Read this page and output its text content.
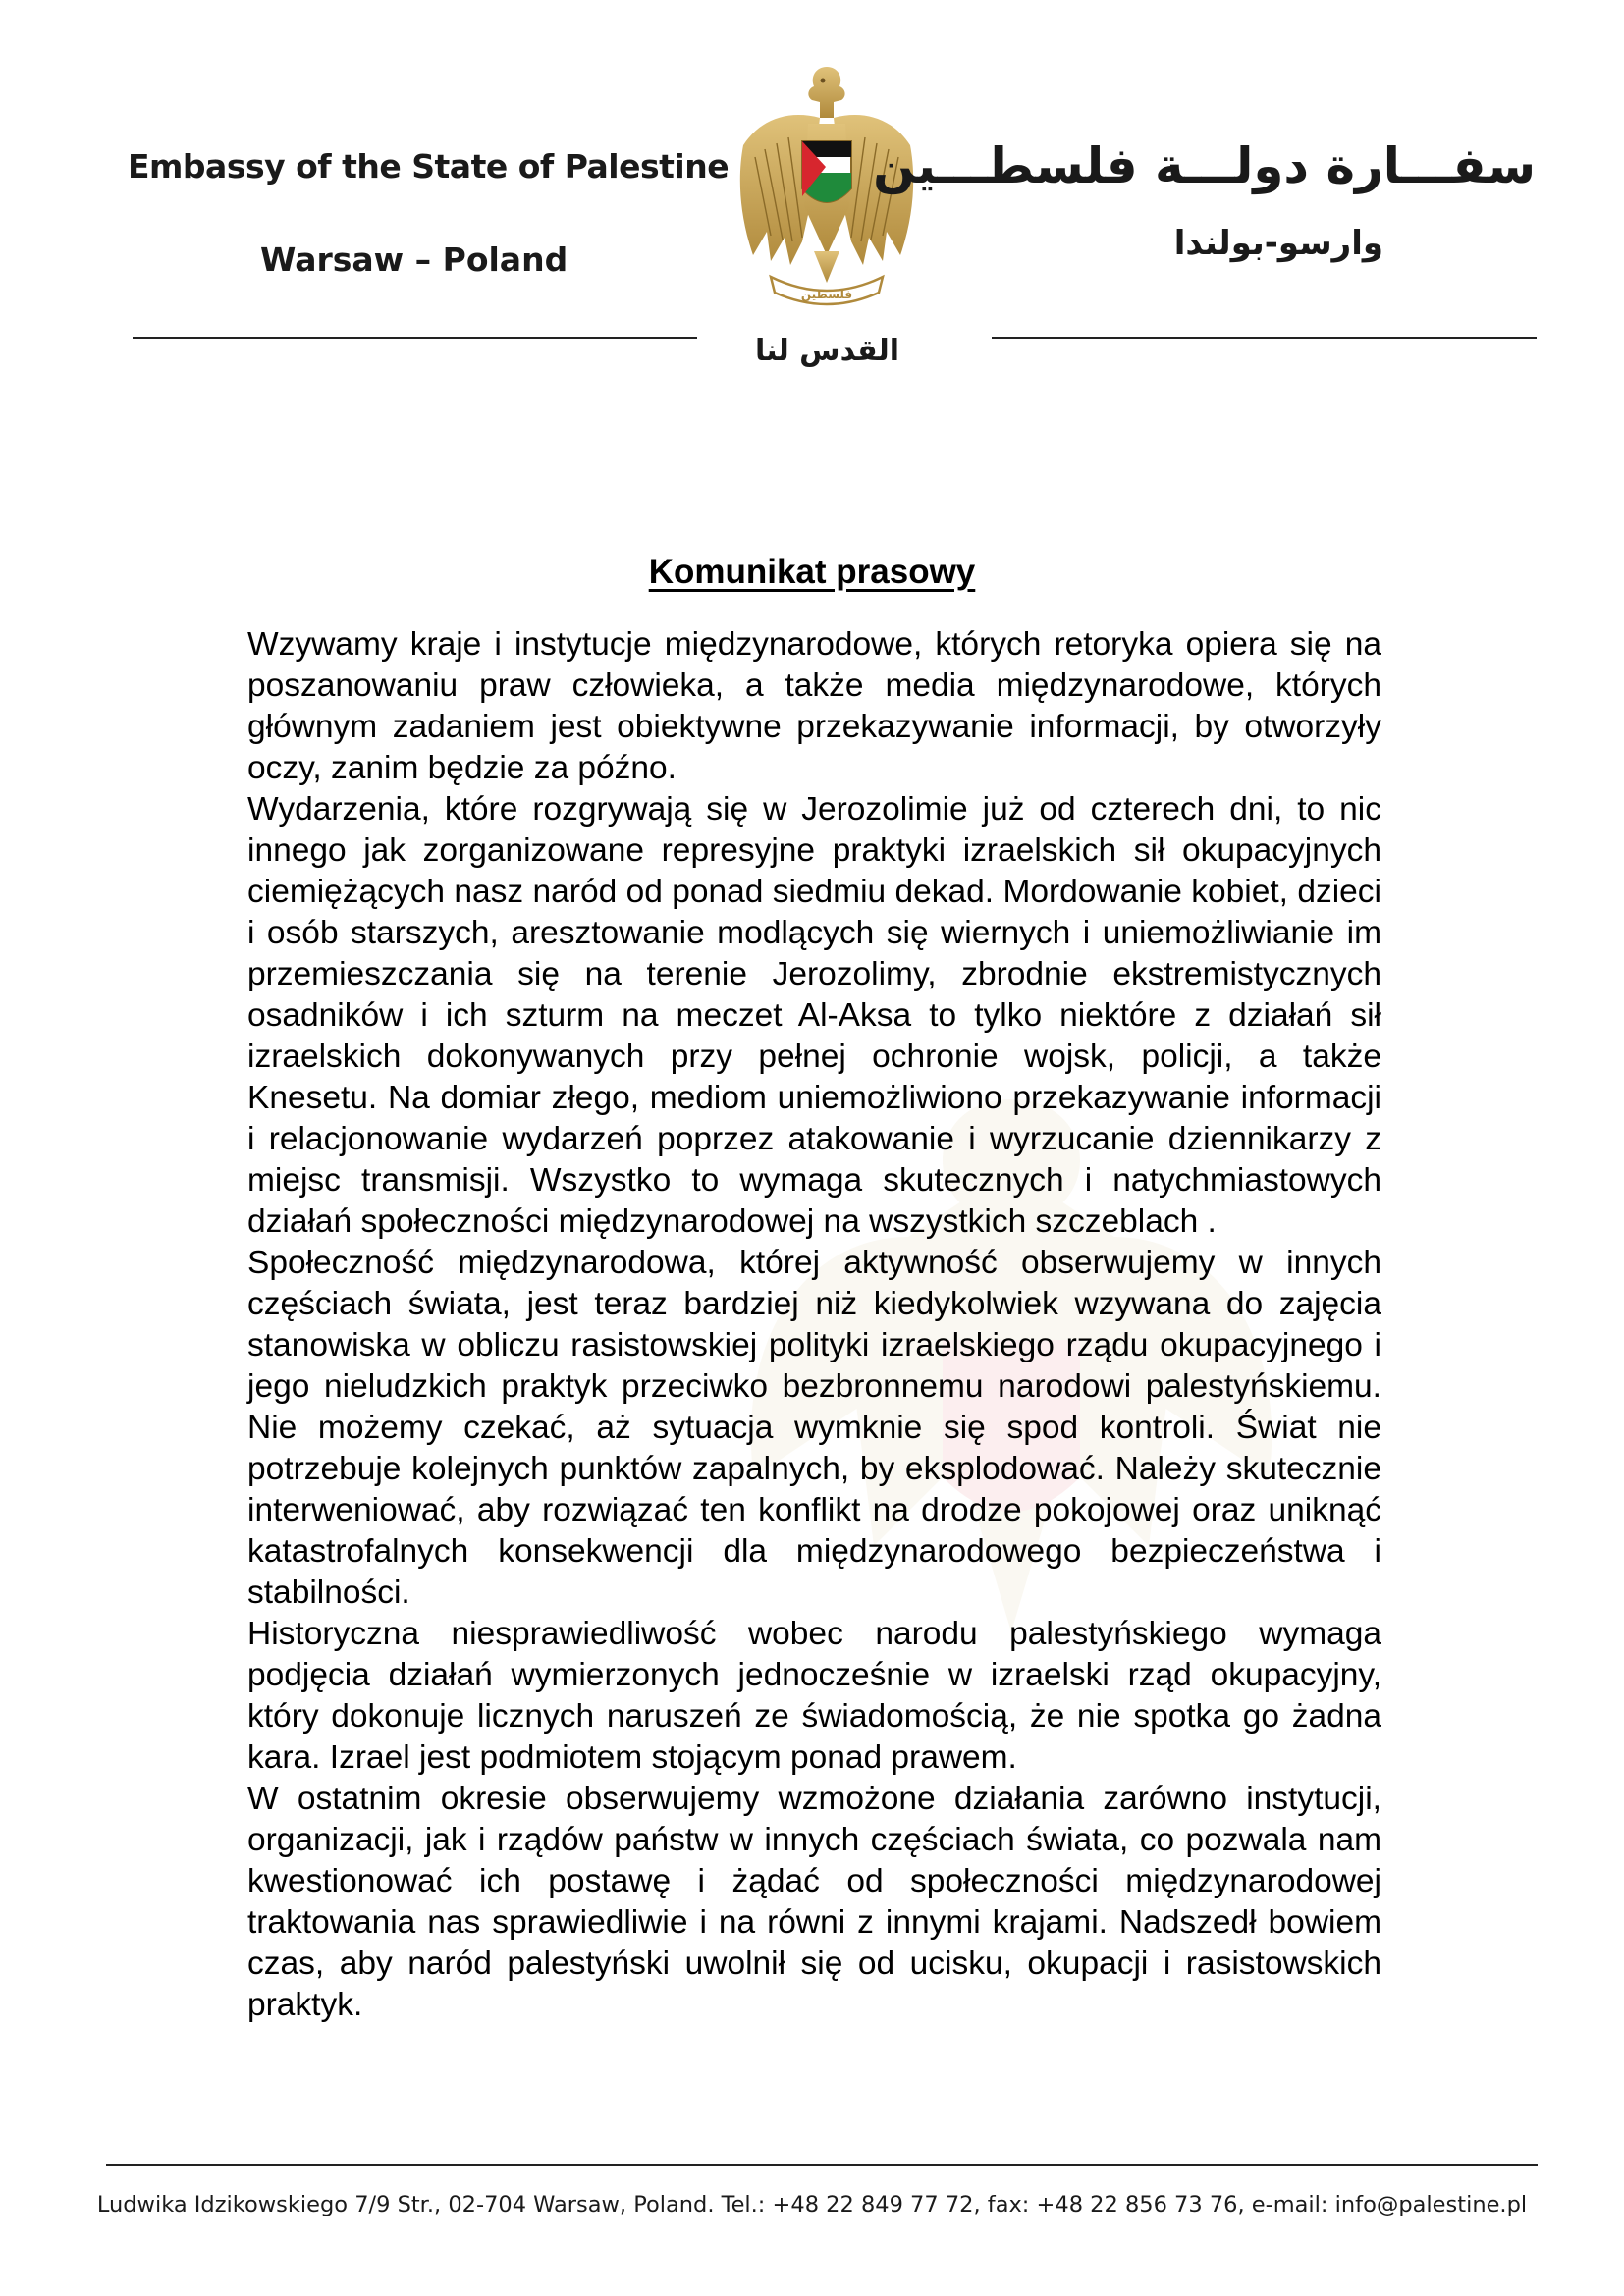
Embassy of the State of Palestine
Warsaw – Poland
فلسطين
القدس لنا
سفـــارة دولـــة فلسطـــين
وارسو-بولندا
Komunikat prasowy

Wzywamy kraje i instytucje międzynarodowe, których retoryka opiera się na poszanowaniu praw człowieka, a także media międzynarodowe, których głównym zadaniem jest obiektywne przekazywanie informacji, by otworzyły oczy, zanim będzie za późno.

Wydarzenia, które rozgrywają się w Jerozolimie już od czterech dni, to nic innego jak zorganizowane represyjne praktyki izraelskich sił okupacyjnych ciemiężących nasz naród od ponad siedmiu dekad. Mordowanie kobiet, dzieci i osób starszych, aresztowanie modlących się wiernych i uniemożliwianie im przemieszczania się na terenie Jerozolimy, zbrodnie ekstremistycznych osadników i ich szturm na meczet Al-Aksa to tylko niektóre z działań sił izraelskich dokonywanych przy pełnej ochronie wojsk, policji, a także Knesetu. Na domiar złego, mediom uniemożliwiono przekazywanie informacji i relacjonowanie wydarzeń poprzez atakowanie i wyrzucanie dziennikarzy z miejsc transmisji. Wszystko to wymaga skutecznych i natychmiastowych działań społeczności międzynarodowej na wszystkich szczeblach .

Społeczność międzynarodowa, której aktywność obserwujemy w innych częściach świata, jest teraz bardziej niż kiedykolwiek wzywana do zajęcia stanowiska w obliczu rasistowskiej polityki izraelskiego rządu okupacyjnego i jego nieludzkich praktyk przeciwko bezbronnemu narodowi palestyńskiemu. Nie możemy czekać, aż sytuacja wymknie się spod kontroli. Świat nie potrzebuje kolejnych punktów zapalnych, by eksplodować. Należy skutecznie interweniować, aby rozwiązać ten konflikt na drodze pokojowej oraz uniknąć katastrofalnych konsekwencji dla międzynarodowego bezpieczeństwa i stabilności.

Historyczna niesprawiedliwość wobec narodu palestyńskiego wymaga podjęcia działań wymierzonych jednocześnie w izraelski rząd okupacyjny, który dokonuje licznych naruszeń ze świadomością, że nie spotka go żadna kara. Izrael jest podmiotem stojącym ponad prawem.

W ostatnim okresie obserwujemy wzmożone działania zarówno instytucji, organizacji, jak i rządów państw w innych częściach świata, co pozwala nam kwestionować ich postawę i żądać od społeczności międzynarodowej traktowania nas sprawiedliwie i na równi z innymi krajami. Nadszedł bowiem czas, aby naród palestyński uwolnił się od ucisku, okupacji i rasistowskich praktyk.

Ludwika Idzikowskiego 7/9 Str., 02-704 Warsaw, Poland. Tel.: +48 22 849 77 72, fax: +48 22 856 73 76, e-mail: info@palestine.pl
